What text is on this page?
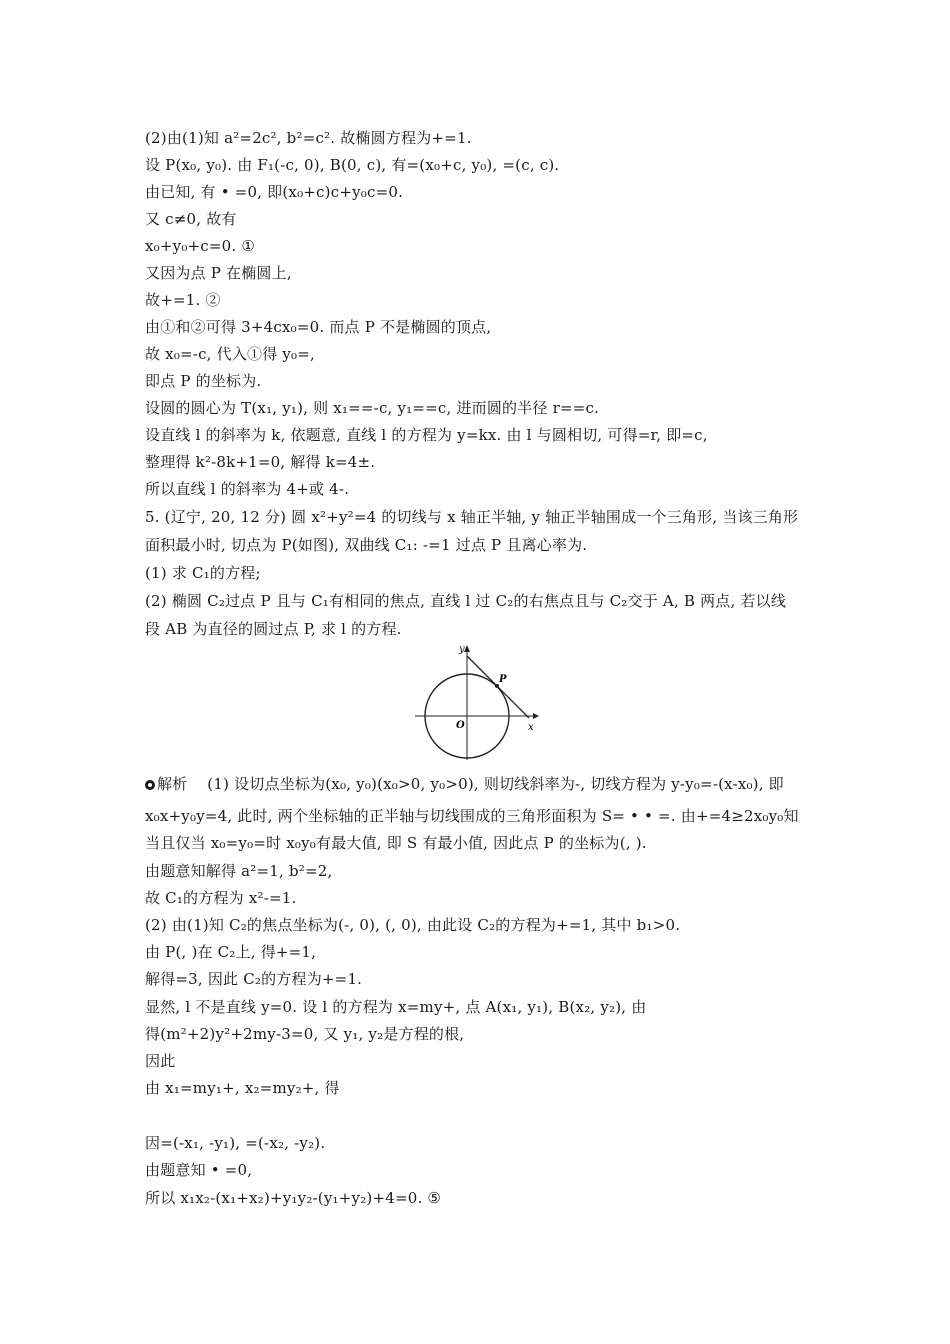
(2)由(1)知 a²=2c², b²=c². 故椭圆方程为+=1.
设 P(x₀, y₀). 由 F₁(-c, 0), B(0, c), 有=(x₀+c, y₀), =(c, c).
由已知, 有 • =0, 即(x₀+c)c+y₀c=0.
又 c≠0, 故有
x₀+y₀+c=0. ①
又因为点 P 在椭圆上,
故+=1. ②
由①和②可得 3+4cx₀=0. 而点 P 不是椭圆的顶点,
故 x₀=-c, 代入①得 y₀=,
即点 P 的坐标为.
设圆的圆心为 T(x₁, y₁), 则 x₁==-c, y₁==c, 进而圆的半径 r==c.
设直线 l 的斜率为 k, 依题意, 直线 l 的方程为 y=kx. 由 l 与圆相切, 可得=r, 即=c,
整理得 k²-8k+1=0, 解得 k=4±.
所以直线 l 的斜率为 4+或 4-.
5. (辽宁, 20, 12 分) 圆 x²+y²=4 的切线与 x 轴正半轴, y 轴正半轴围成一个三角形, 当该三角形
面积最小时, 切点为 P(如图), 双曲线 C₁: -=1 过点 P 且离心率为.
(1) 求 C₁的方程;
(2) 椭圆 C₂过点 P 且与 C₁有相同的焦点, 直线 l 过 C₂的右焦点且与 C₂交于 A, B 两点, 若以线
段 AB 为直径的圆过点 P, 求 l 的方程.
P
y
x
O
解析 (1) 设切点坐标为(x₀, y₀)(x₀>0, y₀>0), 则切线斜率为-, 切线方程为 y-y₀=-(x-x₀), 即
x₀x+y₀y=4, 此时, 两个坐标轴的正半轴与切线围成的三角形面积为 S= • • =. 由+=4≥2x₀y₀知
当且仅当 x₀=y₀=时 x₀y₀有最大值, 即 S 有最小值, 因此点 P 的坐标为(, ).
由题意知解得 a²=1, b²=2,
故 C₁的方程为 x²-=1.
(2) 由(1)知 C₂的焦点坐标为(-, 0), (, 0), 由此设 C₂的方程为+=1, 其中 b₁>0.
由 P(, )在 C₂上, 得+=1,
解得=3, 因此 C₂的方程为+=1.
显然, l 不是直线 y=0. 设 l 的方程为 x=my+, 点 A(x₁, y₁), B(x₂, y₂), 由
得(m²+2)y²+2my-3=0, 又 y₁, y₂是方程的根,
因此
由 x₁=my₁+, x₂=my₂+, 得
因=(-x₁, -y₁), =(-x₂, -y₂).
由题意知 • =0,
所以 x₁x₂-(x₁+x₂)+y₁y₂-(y₁+y₂)+4=0. ⑤
